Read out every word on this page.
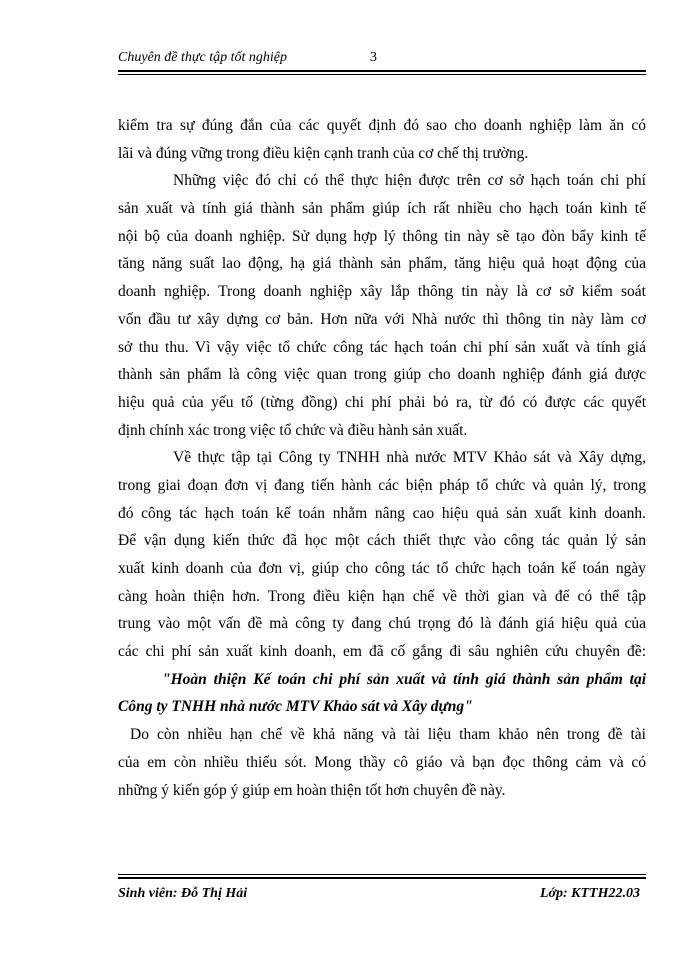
Chuyên đề thực tập tốt nghiệp	3
kiểm tra sự đúng đắn của các quyết định đó sao cho doanh nghiệp làm ăn có
lãi và đúng vững trong điều kiện cạnh tranh của cơ chế thị trường.
Những việc đó chỉ có thể thực hiện được trên cơ sở hạch toán chi phí
sản xuất và tính giá thành sản phẩm giúp ích rất nhiều cho hạch toán kinh tế
nội bộ của doanh nghiệp. Sử dụng hợp lý thông tin này sẽ tạo đòn bẩy kinh tế
tăng năng suất lao động, hạ giá thành sản phẩm, tăng hiệu quả hoạt động của
doanh nghiệp. Trong doanh nghiệp xây lắp thông tin này là cơ sở kiểm soát
vốn đầu tư xây dựng cơ bản. Hơn nữa với Nhà nước thì thông tin này làm cơ
sở thu thu. Vì vậy việc tổ chức công tác hạch toán chi phí sản xuất và tính giá
thành sản phẩm là công việc quan trong giúp cho doanh nghiệp đánh giá được
hiệu quả của yếu tố (từng đồng) chi phí phải bỏ ra, từ đó có được các quyết
định chính xác trong việc tổ chức và điều hành sản xuất.
Về thực tập tại Công ty TNHH nhà nước MTV Khảo sát và Xây dựng,
trong giai đoạn đơn vị đang tiến hành các biện pháp tổ chức và quản lý, trong
đó công tác hạch toán kế toán nhằm nâng cao hiệu quả sản xuất kinh doanh.
Để vận dụng kiến thức đã học một cách thiết thực vào công tác quản lý sản
xuất kinh doanh của đơn vị, giúp cho công tác tổ chức hạch toán kế toán ngày
càng hoàn thiện hơn. Trong điều kiện hạn chế về thời gian và để có thể tập
trung vào một vấn đề mà công ty đang chú trọng đó là đánh giá hiệu quả của
các chi phí sản xuất kinh doanh, em đã cố gắng đi sâu nghiên cứu chuyên đề:
"Hoàn thiện Kế toán chi phí sản xuất và tính giá thành sản phẩm tại
Công ty TNHH nhà nước MTV Khảo sát và Xây dựng"
Do còn nhiều hạn chế về khả năng và tài liệu tham khảo nên trong đề tài
của em còn nhiều thiếu sót. Mong thầy cô giáo và bạn đọc thông cảm và có
những ý kiến góp ý giúp em hoàn thiện tốt hơn chuyên đề này.
Sinh viên: Đỗ Thị Hải	Lớp: KTTH22.03
